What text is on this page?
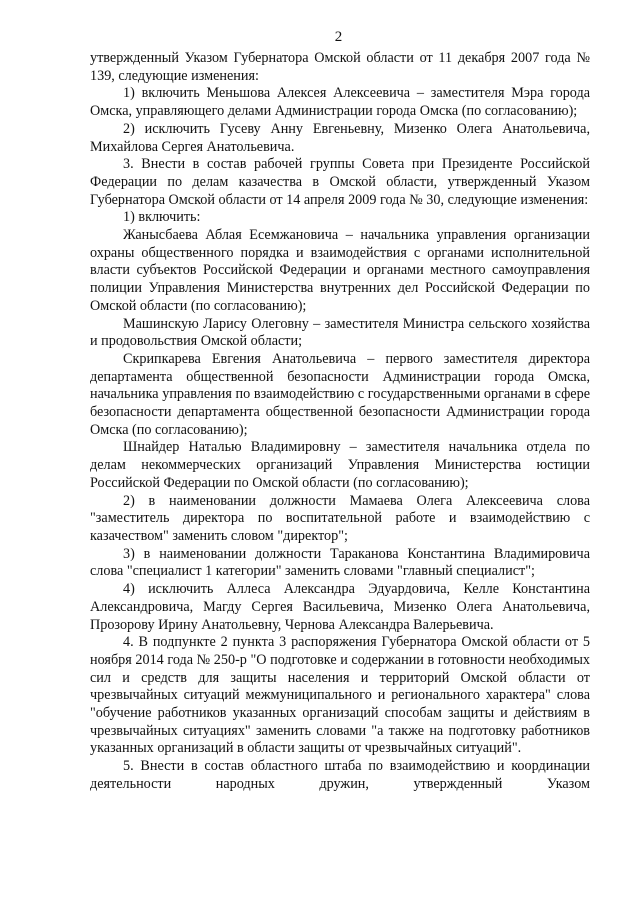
2

утвержденный Указом Губернатора Омской области от 11 декабря 2007 года № 139, следующие изменения:

1) включить Меньшова Алексея Алексеевича – заместителя Мэра города Омска, управляющего делами Администрации города Омска (по согласованию);

2) исключить Гусеву Анну Евгеньевну, Мизенко Олега Анатольевича, Михайлова Сергея Анатольевича.

3. Внести в состав рабочей группы Совета при Президенте Российской Федерации по делам казачества в Омской области, утвержденный Указом Губернатора Омской области от 14 апреля 2009 года № 30, следующие изменения:

1) включить:

Жанысбаева Аблая Есемжановича – начальника управления организации охраны общественного порядка и взаимодействия с органами исполнительной власти субъектов Российской Федерации и органами местного самоуправления полиции Управления Министерства внутренних дел Российской Федерации по Омской области (по согласованию);

Машинскую Ларису Олеговну – заместителя Министра сельского хозяйства и продовольствия Омской области;

Скрипкарева Евгения Анатольевича – первого заместителя директора департамента общественной безопасности Администрации города Омска, начальника управления по взаимодействию с государственными органами в сфере безопасности департамента общественной безопасности Администрации города Омска (по согласованию);

Шнайдер Наталью Владимировну – заместителя начальника отдела по делам некоммерческих организаций Управления Министерства юстиции Российской Федерации по Омской области (по согласованию);

2) в наименовании должности Мамаева Олега Алексеевича слова "заместитель директора по воспитательной работе и взаимодействию с казачеством" заменить словом "директор";

3) в наименовании должности Тараканова Константина Владимировича слова "специалист 1 категории" заменить словами "главный специалист";

4) исключить Аллеса Александра Эдуардовича, Келле Константина Александровича, Магду Сергея Васильевича, Мизенко Олега Анатольевича, Прозорову Ирину Анатольевну, Чернова Александра Валерьевича.

4. В подпункте 2 пункта 3 распоряжения Губернатора Омской области от 5 ноября 2014 года № 250-р "О подготовке и содержании в готовности необходимых сил и средств для защиты населения и территорий Омской области от чрезвычайных ситуаций межмуниципального и регионального характера" слова "обучение работников указанных организаций способам защиты и действиям в чрезвычайных ситуациях" заменить словами "а также на подготовку работников указанных организаций в области защиты от чрезвычайных ситуаций".

5. Внести в состав областного штаба по взаимодействию и координации деятельности народных дружин, утвержденный Указом
